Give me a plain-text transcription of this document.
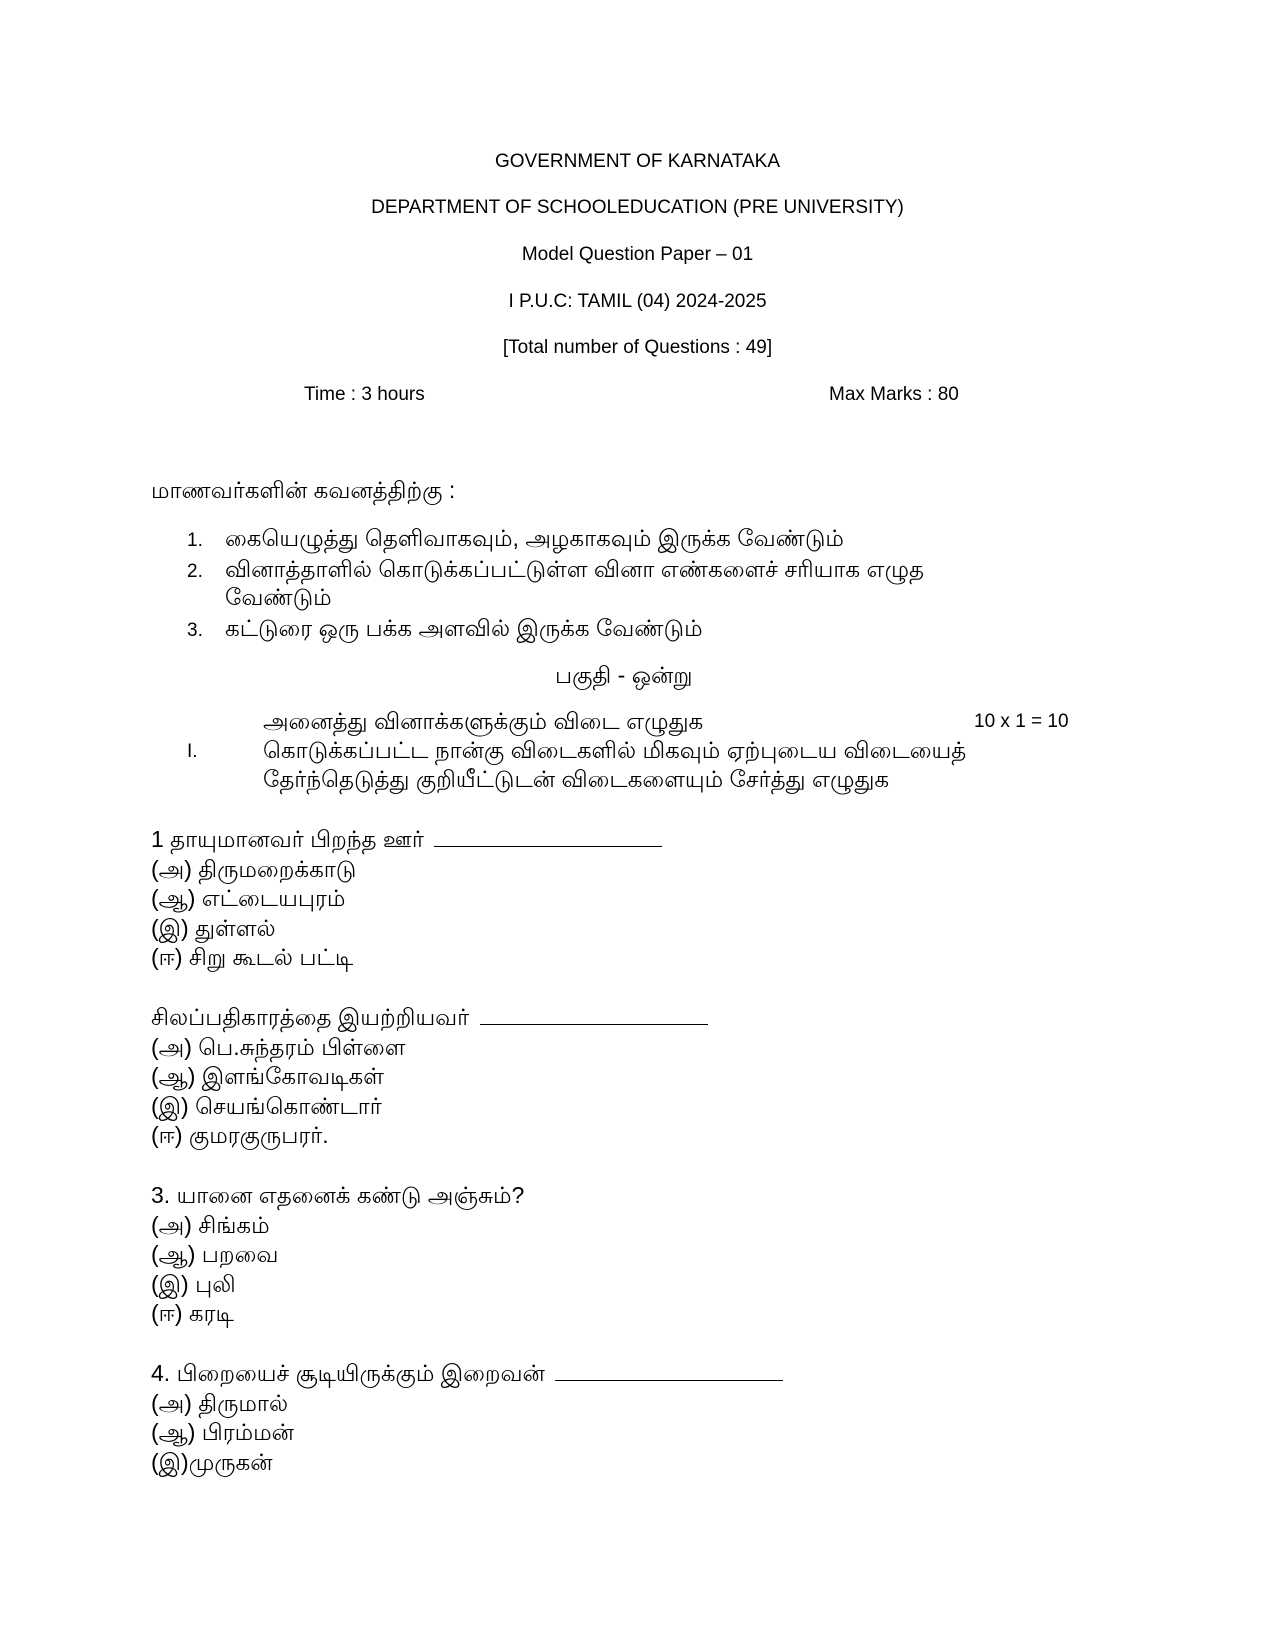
GOVERNMENT OF KARNATAKA
DEPARTMENT OF SCHOOLEDUCATION (PRE UNIVERSITY)
Model Question Paper – 01
I P.U.C: TAMIL (04) 2024-2025
[Total number of Questions : 49]
Time : 3 hours	Max Marks : 80
மாணவர்களின் கவனத்திற்கு :
1. கையெழுத்து தெளிவாகவும், அழகாகவும் இருக்க வேண்டும்
2. வினாத்தாளில் கொடுக்கப்பட்டுள்ள வினா எண்களைச் சரியாக எழுத
வேண்டும்
3. கட்டுரை ஒரு பக்க அளவில் இருக்க வேண்டும்
பகுதி - ஒன்று
அனைத்து வினாக்களுக்கும் விடை எழுதுக	10 x 1 = 10
I.	கொடுக்கப்பட்ட நான்கு விடைகளில் மிகவும் ஏற்புடைய விடையைத்
தேர்ந்தெடுத்து குறியீட்டுடன் விடைகளையும் சேர்த்து எழுதுக
1 தாயுமானவர் பிறந்த ஊர்
(அ) திருமறைக்காடு
(ஆ) எட்டையபுரம்
(இ) துள்ளல்
(ஈ) சிறு கூடல் பட்டி
சிலப்பதிகாரத்தை இயற்றியவர்
(அ) பெ.சுந்தரம் பிள்ளை
(ஆ) இளங்கோவடிகள்
(இ) செயங்கொண்டார்
(ஈ) குமரகுருபரர்.
3. யானை எதனைக் கண்டு அஞ்சும்?
(அ) சிங்கம்
(ஆ) பறவை
(இ) புலி
(ஈ) கரடி
4. பிறையைச் சூடியிருக்கும் இறைவன்
(அ) திருமால்
(ஆ) பிரம்மன்
(இ)முருகன்
